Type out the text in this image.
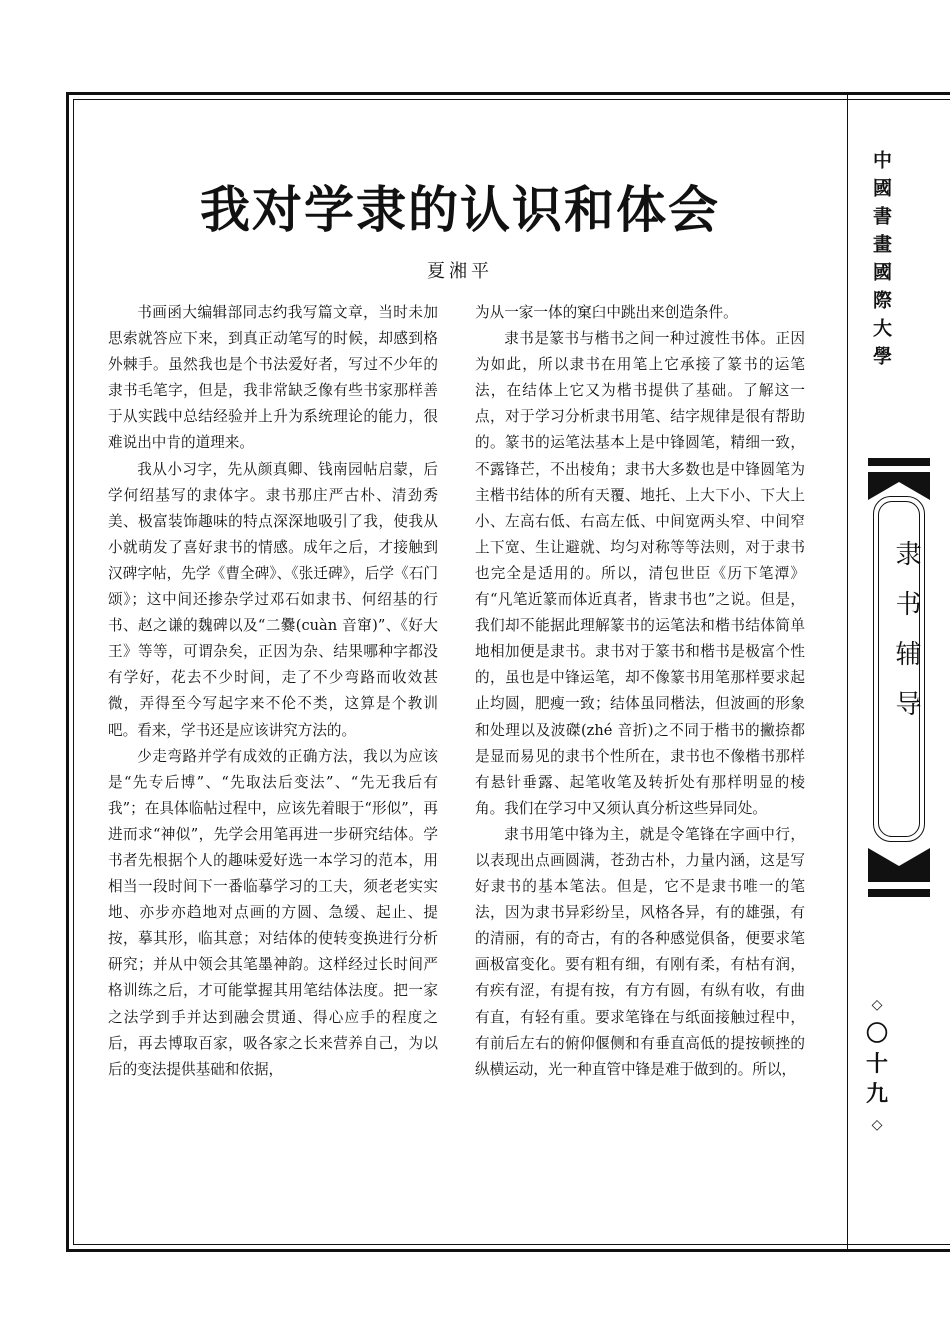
我对学隶的认识和体会
夏湘平

书画函大编辑部同志约我写篇文章，当时未加思索就答应下来，到真正动笔写的时候，却感到格外棘手。虽然我也是个书法爱好者，写过不少年的隶书毛笔字，但是，我非常缺乏像有些书家那样善于从实践中总结经验并上升为系统理论的能力，很难说出中肯的道理来。

我从小习字，先从颜真卿、钱南园帖启蒙，后学何绍基写的隶体字。隶书那庄严古朴、清劲秀美、极富装饰趣味的特点深深地吸引了我，使我从小就萌发了喜好隶书的情感。成年之后，才接触到汉碑字帖，先学《曹全碑》、《张迁碑》，后学《石门颂》；这中间还掺杂学过邓石如隶书、何绍基的行书、赵之谦的魏碑以及“二爨(cuàn 音窜)”、《好大王》等等，可谓杂矣，正因为杂、结果哪种字都没有学好，花去不少时间，走了不少弯路而收效甚微，弄得至今写起字来不伦不类，这算是个教训吧。看来，学书还是应该讲究方法的。

少走弯路并学有成效的正确方法，我以为应该是“先专后博”、“先取法后变法”、“先无我后有我”；在具体临帖过程中，应该先着眼于“形似”，再进而求“神似”，先学会用笔再进一步研究结体。学书者先根据个人的趣味爱好选一本学习的范本，用相当一段时间下一番临摹学习的工夫，须老老实实地、亦步亦趋地对点画的方圆、急缓、起止、提按，摹其形，临其意；对结体的使转变换进行分析研究；并从中领会其笔墨神韵。这样经过长时间严格训练之后，才可能掌握其用笔结体法度。把一家之法学到手并达到融会贯通、得心应手的程度之后，再去博取百家，吸各家之长来营养自己，为以后的变法提供基础和依据，

为从一家一体的窠臼中跳出来创造条件。

隶书是篆书与楷书之间一种过渡性书体。正因为如此，所以隶书在用笔上它承接了篆书的运笔法，在结体上它又为楷书提供了基础。了解这一点，对于学习分析隶书用笔、结字规律是很有帮助的。篆书的运笔法基本上是中锋圆笔，精细一致，不露锋芒，不出棱角；隶书大多数也是中锋圆笔为主楷书结体的所有天覆、地托、上大下小、下大上小、左高右低、右高左低、中间宽两头窄、中间窄上下宽、生让避就、均匀对称等等法则，对于隶书也完全是适用的。所以，清包世臣《历下笔潭》有“凡笔近篆而体近真者，皆隶书也”之说。但是，我们却不能据此理解篆书的运笔法和楷书结体简单地相加便是隶书。隶书对于篆书和楷书是极富个性的，虽也是中锋运笔，却不像篆书用笔那样要求起止均圆，肥瘦一致；结体虽同楷法，但波画的形象和处理以及波磔(zhé 音折)之不同于楷书的撇捺都是显而易见的隶书个性所在，隶书也不像楷书那样有悬针垂露、起笔收笔及转折处有那样明显的棱角。我们在学习中又须认真分析这些异同处。

隶书用笔中锋为主，就是令笔锋在字画中行，以表现出点画圆满，苍劲古朴，力量内涵，这是写好隶书的基本笔法。但是，它不是隶书唯一的笔法，因为隶书异彩纷呈，风格各异，有的雄强，有的清丽，有的奇古，有的各种感觉俱备，便要求笔画极富变化。要有粗有细，有刚有柔，有枯有润，有疾有涩，有提有按，有方有圆，有纵有收，有曲有直，有轻有重。要求笔锋在与纸面接触过程中，有前后左右的俯仰偃侧和有垂直高低的提按顿挫的纵横运动，光一种直管中锋是难于做到的。所以，

中國書畫國際大學
隶书辅导
◇
〇
十
九
◇
